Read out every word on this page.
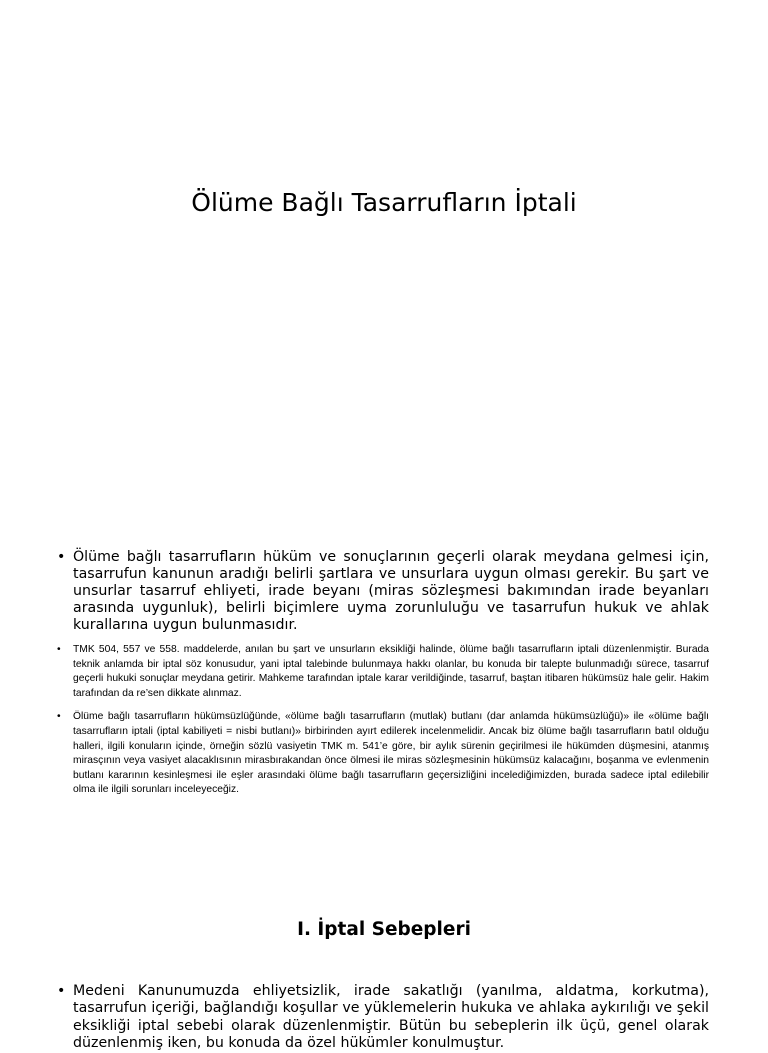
Ölüme Bağlı Tasarrufların İptali
• Ölüme bağlı tasarrufların hüküm ve sonuçlarının geçerli olarak meydana gelmesi için, tasarrufun kanunun aradığı belirli şartlara ve unsurlara uygun olması gerekir. Bu şart ve unsurlar tasarruf ehliyeti, irade beyanı (miras sözleşmesi bakımından irade beyanları arasında uygunluk), belirli biçimlere uyma zorunluluğu ve tasarrufun hukuk ve ahlak kurallarına uygun bulunmasıdır.
• TMK 504, 557 ve 558. maddelerde, anılan bu şart ve unsurların eksikliği halinde, ölüme bağlı tasarrufların iptali düzenlenmiştir. Burada teknik anlamda bir iptal söz konusudur, yani iptal talebinde bulunmaya hakkı olanlar, bu konuda bir talepte bulunmadığı sürece, tasarruf geçerli hukuki sonuçlar meydana getirir. Mahkeme tarafından iptale karar verildiğinde, tasarruf, baştan itibaren hükümsüz hale gelir. Hakim tarafından da re’sen dikkate alınmaz.
• Ölüme bağlı tasarrufların hükümsüzlüğünde, «ölüme bağlı tasarrufların (mutlak) butlanı (dar anlamda hükümsüzlüğü)» ile «ölüme bağlı tasarrufların iptali (iptal kabiliyeti = nisbi butlanı)» birbirinden ayırt edilerek incelenmelidir. Ancak biz ölüme bağlı tasarrufların batıl olduğu halleri, ilgili konuların içinde, örneğin sözlü vasiyetin TMK m. 541’e göre, bir aylık sürenin geçirilmesi ile hükümden düşmesini, atanmış mirasçının veya vasiyet alacaklısının mirasbırakandan önce ölmesi ile miras sözleşmesinin hükümsüz kalacağını, boşanma ve evlenmenin butlanı kararının kesinleşmesi ile eşler arasındaki ölüme bağlı tasarrufların geçersizliğini incelediğimizden, burada sadece iptal edilebilir olma ile ilgili sorunları inceleyeceğiz.
I. İptal Sebepleri
• Medeni Kanunumuzda ehliyetsizlik, irade sakatlığı (yanılma, aldatma, korkutma), tasarrufun içeriği, bağlandığı koşullar ve yüklemelerin hukuka ve ahlaka aykırılığı ve şekil eksikliği iptal sebebi olarak düzenlenmiştir. Bütün bu sebeplerin ilk üçü, genel olarak düzenlenmiş iken, bu konuda da özel hükümler konulmuştur.
